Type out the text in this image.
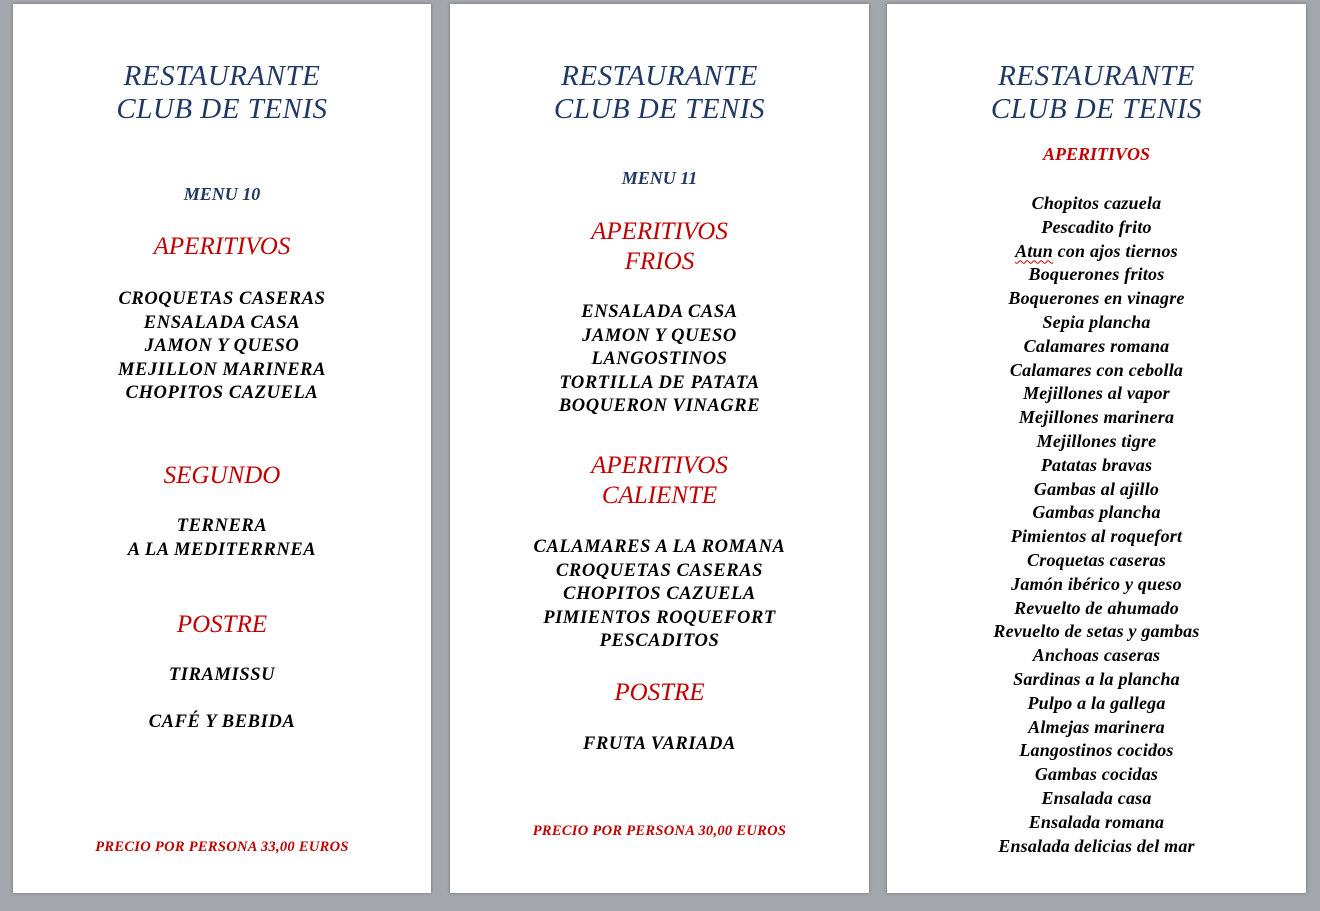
RESTAURANTE
CLUB DE TENIS
MENU 10
APERITIVOS
CROQUETAS CASERAS
ENSALADA CASA
JAMON Y QUESO
MEJILLON MARINERA
CHOPITOS CAZUELA
SEGUNDO
TERNERA
A LA MEDITERRNEA
POSTRE
TIRAMISSU
CAFÉ Y BEBIDA
PRECIO POR PERSONA 33,00 EUROS
RESTAURANTE
CLUB DE TENIS
MENU 11
APERITIVOS
FRIOS
ENSALADA CASA
JAMON Y QUESO
LANGOSTINOS
TORTILLA DE PATATA
BOQUERON VINAGRE
APERITIVOS
CALIENTE
CALAMARES A LA ROMANA
CROQUETAS CASERAS
CHOPITOS CAZUELA
PIMIENTOS ROQUEFORT
PESCADITOS
POSTRE
FRUTA VARIADA
PRECIO POR PERSONA 30,00 EUROS
RESTAURANTE
CLUB DE TENIS
APERITIVOS
Chopitos cazuela
Pescadito frito
Atun con ajos tiernos
Boquerones fritos
Boquerones en vinagre
Sepia plancha
Calamares romana
Calamares con cebolla
Mejillones al vapor
Mejillones marinera
Mejillones tigre
Patatas bravas
Gambas al ajillo
Gambas plancha
Pimientos al roquefort
Croquetas caseras
Jamón ibérico y queso
Revuelto de ahumado
Revuelto de setas y gambas
Anchoas caseras
Sardinas a la plancha
Pulpo a la gallega
Almejas marinera
Langostinos cocidos
Gambas cocidas
Ensalada casa
Ensalada romana
Ensalada delicias del mar
